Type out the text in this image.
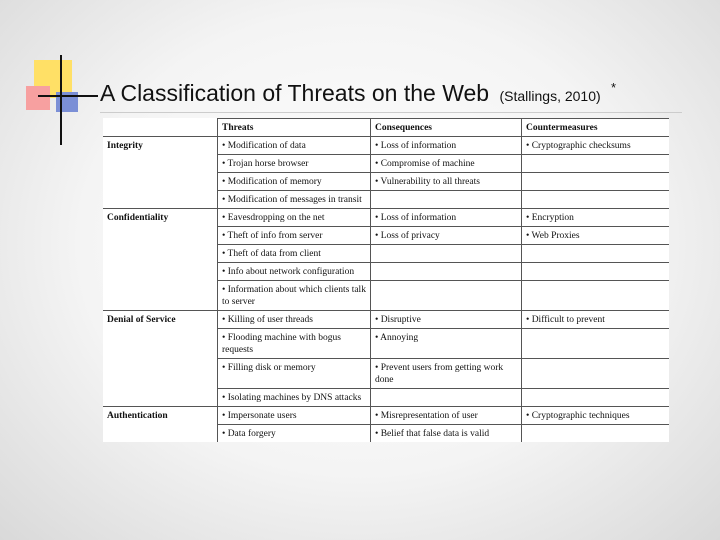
A Classification of Threats on the Web (Stallings, 2010) *
	Threats	Consequences	Countermeasures
Integrity	• Modification of data	• Loss of information	• Cryptographic checksums
	• Trojan horse browser	• Compromise of machine	
	• Modification of memory	• Vulnerability to all threats	
	• Modification of messages in transit		
Confidentiality	• Eavesdropping on the net	• Loss of information	• Encryption
	• Theft of info from server	• Loss of privacy	• Web Proxies
	• Theft of data from client		
	• Info about network configuration		
	• Information about which clients talk to server		
Denial of Service	• Killing of user threads	• Disruptive	• Difficult to prevent
	• Flooding machine with bogus requests	• Annoying	
	• Filling disk or memory	• Prevent users from getting work done	
	• Isolating machines by DNS attacks		
Authentication	• Impersonate users	• Misrepresentation of user	• Cryptographic techniques
	• Data forgery	• Belief that false data is valid	
